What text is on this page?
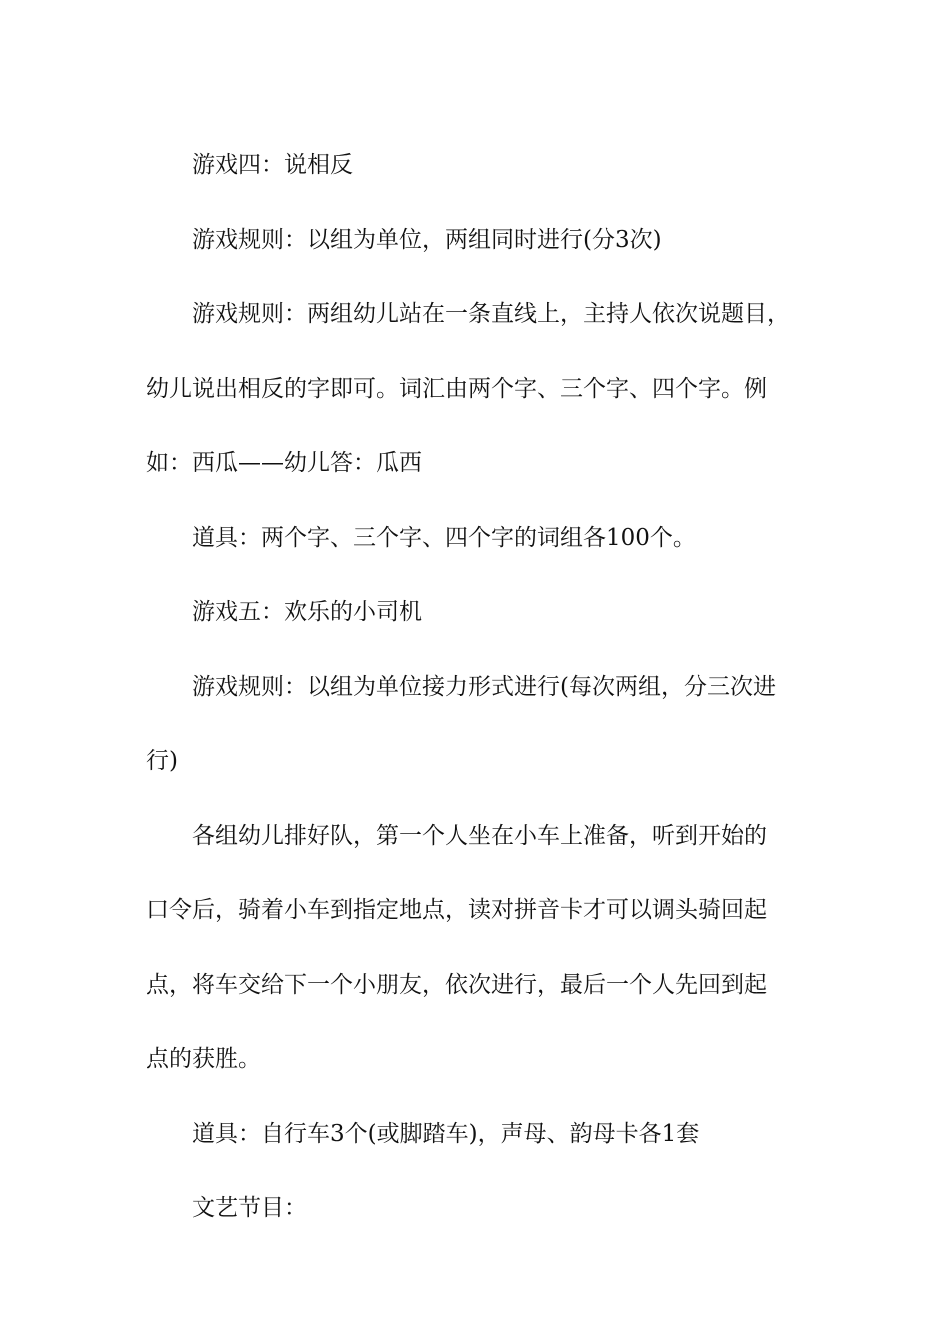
游戏四：说相反

游戏规则：以组为单位，两组同时进行(分3次)

游戏规则：两组幼儿站在一条直线上，主持人依次说题目，
幼儿说出相反的字即可。词汇由两个字、三个字、四个字。例
如：西瓜——幼儿答：瓜西

道具：两个字、三个字、四个字的词组各100个。

游戏五：欢乐的小司机

游戏规则：以组为单位接力形式进行(每次两组，分三次进
行)

各组幼儿排好队，第一个人坐在小车上准备，听到开始的
口令后，骑着小车到指定地点，读对拼音卡才可以调头骑回起
点，将车交给下一个小朋友，依次进行，最后一个人先回到起
点的获胜。

道具：自行车3个(或脚踏车)，声母、韵母卡各1套

文艺节目：
